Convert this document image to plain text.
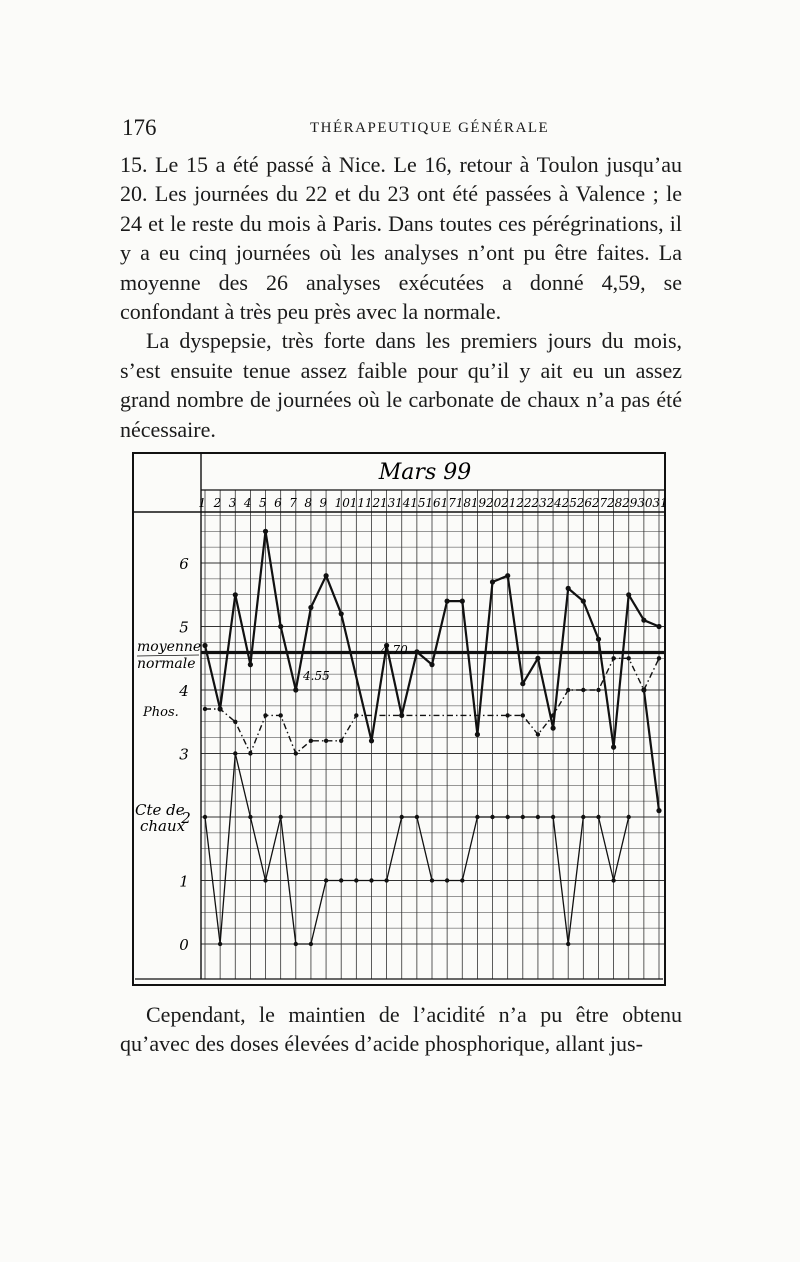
176	THÉRAPEUTIQUE GÉNÉRALE

15. Le 15 a été passé à Nice. Le 16, retour à Toulon jusqu’au 20. Les journées du 22 et du 23 ont été passées à Valence ; le 24 et le reste du mois à Paris. Dans toutes ces pérégrinations, il y a eu cinq journées où les analyses n’ont pu être faites. La moyenne des 26 analyses exécutées a donné 4,59, se confondant à très peu près avec la normale.

La dyspepsie, très forte dans les premiers jours du mois, s’est ensuite tenue assez faible pour qu’il y ait eu un assez grand nombre de journées où le carbonate de chaux n’a pas été nécessaire.

1 2 3 4 5 6 7 8 9 10 11 12 13 14 15 16 17 18 19 20 21 22 23 24 25 26 27 28 29 30 31
6
5
4
3
2
1
0
moyenne
normale
Phos.
Cte de
chaux
Mars 99
4.70
4.55

Cependant, le maintien de l’acidité n’a pu être obtenu qu’avec des doses élevées d’acide phosphorique, allant jus-
